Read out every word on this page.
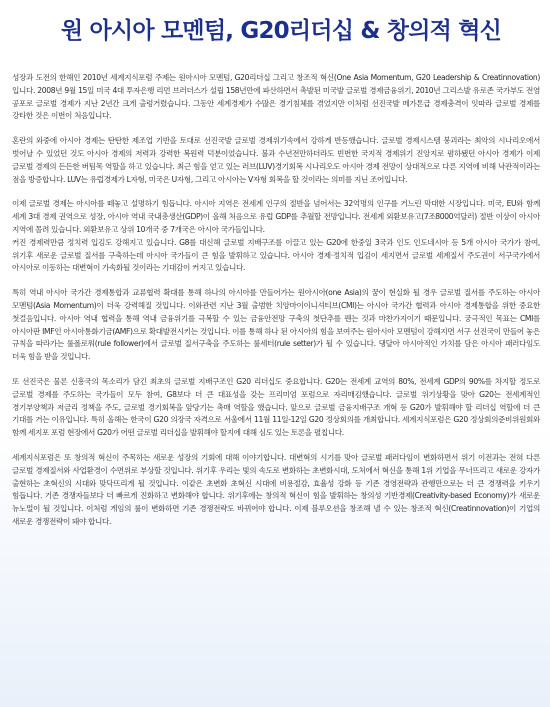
원 아시아 모멘텀, G20리더십 & 창의적 혁신

성장과 도전의 한해인 2010년 세계지식포럼 주제는 원아시아 모멘텀, G20리더십 그리고 창조적 혁신(One Asia Momentum, G20 Leadership & Creatinnovation)입니다. 2008년 9월 15일 미국 4대 투자은행 리먼 브러더스가 설립 158년만에 파산하면서 촉발된 미국발 글로벌 경제금융위기, 2010년 그리스발 유로존 국가부도 전염 공포로 글로벌 경제가 지난 2년간 크게 출렁거렸습니다. 그동안 세계경제가 수많은 경기침체를 겪었지만 이처럼 선진국발 메가톤급 경제충격이 잇따라 글로벌 경제를 강타한 것은 이번이 처음입니다.

혼란의 와중에 아시아 경제는 탄탄한 제조업 기반을 토대로 선진국발 글로벌 경제위기속에서 강하게 반등했습니다. 글로벌 경제시스템 붕괴라는 최악의 시나리오에서 벗어날 수 있었던 것도 아시아 경제의 저력과 강력한 복원력 덕분이었습니다. 불과 수년전만하더라도 빈번한 국지적 경제위기 진앙지로 폄하됐던 아시아 경제가 이제 글로벌 경제의 든든한 버팀목 역할을 하고 있습니다. 최근 힘을 얻고 있는 러브(LUV)경기회복 시나리오도 아시아 경제 전망이 상대적으로 다른 지역에 비해 낙관적이라는 점을 방증합니다. LUV는 유럽경제가 L자형, 미국은 U자형, 그리고 아시아는 V자형 회복을 할 것이라는 의미를 지닌 조어입니다.

이제 글로벌 경제는 아시아를 떼놓고 설명하기 힘듭니다. 아시아 지역은 전세계 인구의 절반을 넘어서는 32억명의 인구를 거느린 막대한 시장입니다. 미국, EU와 함께 세계 3대 경제 권역으로 성장, 아시아 역내 국내총생산(GDP)이 올해 처음으로 유럽 GDP를 추월할 전망입니다. 전세계 외환보유고(7조8000억달러) 절반 이상이 아시아 지역에 몰려 있습니다. 외환보유고 상위 10개국 중 7개국은 아시아 국가들입니다.

커진 경제력만큼 정치력 입김도 강해지고 있습니다. G8를 대신해 글로벌 지배구조를 이끌고 있는 G20에 한중일 3국과 인도 인도네시아 등 5개 아시아 국가가 참여, 위기후 새로운 글로벌 질서를 구축하는데 아시아 국가들이 큰 힘을 발휘하고 있습니다. 아시아 경제·정치적 입김이 세지면서 글로벌 세계질서 주도권이 서구국가에서 아시아로 이동하는 대변혁이 가속화될 것이라는 기대감이 커지고 있습니다.

특히 역내 아시아 국가간 경제통합과 교류협력 확대를 통해 하나의 아시아를 만들어가는 원아시아(one Asia)의 꿈이 현실화 될 경우 글로벌 질서를 주도하는 아시아 모멘텀(Asia Momentum)이 더욱 강력해질 것입니다. 이와관련 지난 3월 출범한 치앙마이이니셔티브(CMI)는 아시아 국가간 협력과 아시아 경제통합을 위한 중요한 첫걸음입니다. 아시아 역내 협력을 통해 역내 금융위기를 극복할 수 있는 금융안전망 구축의 첫단추를 꿴는 것과 마찬가지이기 때문입니다. 궁극적인 목표는 CMI를 아시아판 IMF인 아시아통화기금(AMF)으로 확대발전시키는 것입니다. 이를 통해 하나 된 아시아의 힘을 보여주는 원아시아 모멘텀이 강해지면 서구 선진국이 만들어 놓은 규칙을 따라가는 룰폴로워(rule follower)에서 글로벌 질서구축을 주도하는 룰세터(rule setter)가 될 수 있습니다. 댕달아 아시아적인 가치를 담은 아시아 패러다임도 더욱 힘을 받을 것입니다.

또 선진국은 물론 신흥국의 목소리가 담긴 최초의 글로벌 지배구조인 G20 리더십도 중요합니다. G20는 전세계 교역의 80%, 전세계 GDP의 90%를 차지할 정도로 글로벌 경제를 주도하는 국가들이 모두 참여, G8보다 더 큰 대표성을 갖는 프리미엄 포럼으로 자리매김했습니다. 글로벌 위기상황을 맞아 G20는 전세계적인 경기부양책과 저금리 정책을 주도, 글로벌 경기회복을 앞당기는 촉매 역할을 했습니다. 앞으로 글로벌 금융지배구조 개혁 등 G20가 발휘해야 할 리더십 역할에 더 큰 기대를 거는 이유입니다. 특히 올해는 한국이 G20 의장국 자격으로 서울에서 11월 11일-12일 G20 정상회의를 개최합니다. 세계지식포럼은 G20 정상회의준비위원회와 함께 세지포 포럼 현장에서 G20가 어떤 글로벌 리더십을 발휘해야 할지에 대해 심도 있는 토론을 펼칩니다.

세계지식포럼은 또 창의적 혁신이 주목하는 새로운 성장의 기회에 대해 이야기합니다. 대변혁의 시기를 맞아 글로벌 패러다임이 변화하면서 위기 이전과는 전혀 다른 글로벌 경제질서와 사업환경이 수면위로 부상할 것입니다. 위기후 우리는 빛의 속도로 변화하는 초변화시대, 도처에서 혁신을 통해 1위 기업을 무너뜨리고 새로운 강자가 출현하는 초혁신의 시대와 맞닥뜨리게 될 것입니다. 이같은 초변화 초혁신 시대에 비용절감, 효율성 강화 등 기존 경영전략과 관행만으로는 더 큰 경쟁력을 키우기 힘듭니다. 기존 경쟁자들보다 더 빠르게 진화하고 변화해야 합니다. 위기후에는 창의적 혁신이 힘을 발휘하는 창의성 기반경제(Creativity-based Economy)가 새로운 뉴노멀이 될 것입니다. 이처럼 게임의 룰이 변화하면 기존 경쟁전략도 바뀌어야 합니다. 이제 블루오션을 창조해 낼 수 있는 창조적 혁신(Creatinnovation)이 기업의 새로운 경쟁전략이 돼야 합니다.
